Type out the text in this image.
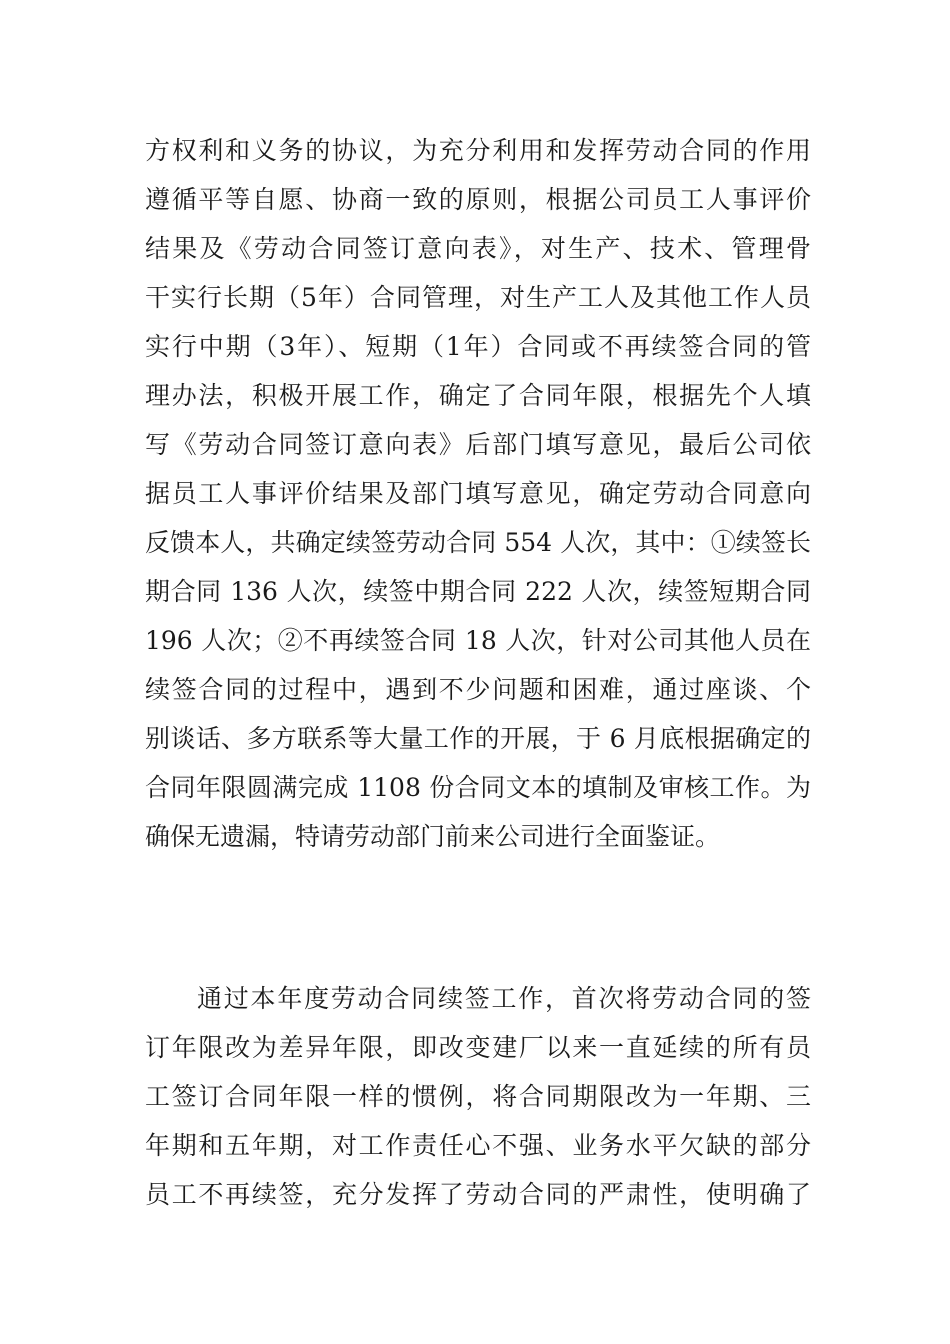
方权利和义务的协议，为充分利用和发挥劳动合同的作用
遵循平等自愿、协商一致的原则，根据公司员工人事评价
结果及《劳动合同签订意向表》，对生产、技术、管理骨
干实行长期（5年）合同管理，对生产工人及其他工作人员
实行中期（3年）、短期（1年）合同或不再续签合同的管
理办法，积极开展工作，确定了合同年限，根据先个人填
写《劳动合同签订意向表》后部门填写意见，最后公司依
据员工人事评价结果及部门填写意见，确定劳动合同意向
反馈本人，共确定续签劳动合同 554 人次，其中：①续签长
期合同 136 人次，续签中期合同 222 人次，续签短期合同
196 人次；②不再续签合同 18 人次，针对公司其他人员在
续签合同的过程中，遇到不少问题和困难，通过座谈、个
别谈话、多方联系等大量工作的开展，于 6 月底根据确定的
合同年限圆满完成 1108 份合同文本的填制及审核工作。为
确保无遗漏，特请劳动部门前来公司进行全面鉴证。
通过本年度劳动合同续签工作，首次将劳动合同的签
订年限改为差异年限，即改变建厂以来一直延续的所有员
工签订合同年限一样的惯例，将合同期限改为一年期、三
年期和五年期，对工作责任心不强、业务水平欠缺的部分
员工不再续签，充分发挥了劳动合同的严肃性，使明确了
